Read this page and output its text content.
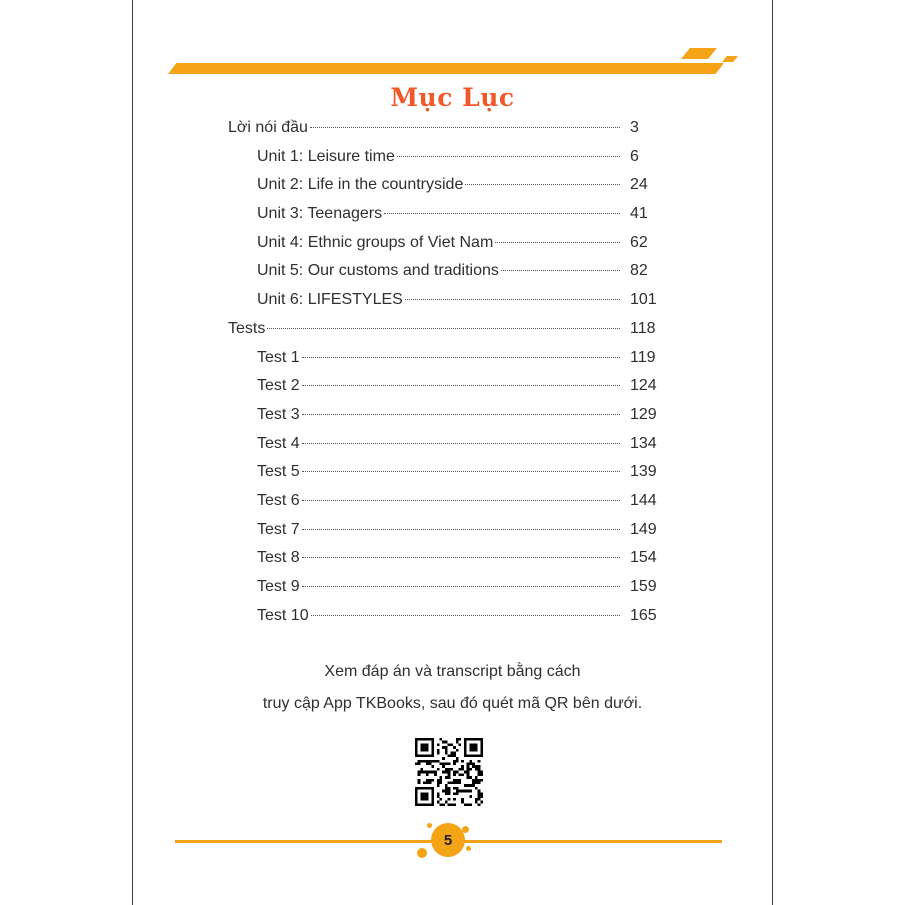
Mục Lục
Lời nói đầu	3
Unit 1: Leisure time	6
Unit 2: Life in the countryside	24
Unit 3: Teenagers	41
Unit 4: Ethnic groups of Viet Nam	62
Unit 5: Our customs and traditions	82
Unit 6: LIFESTYLES	101
Tests	118
Test 1	119
Test 2	124
Test 3	129
Test 4	134
Test 5	139
Test 6	144
Test 7	149
Test 8	154
Test 9	159
Test 10	165
Xem đáp án và transcript bằng cách
truy cập App TKBooks, sau đó quét mã QR bên dưới.
5
